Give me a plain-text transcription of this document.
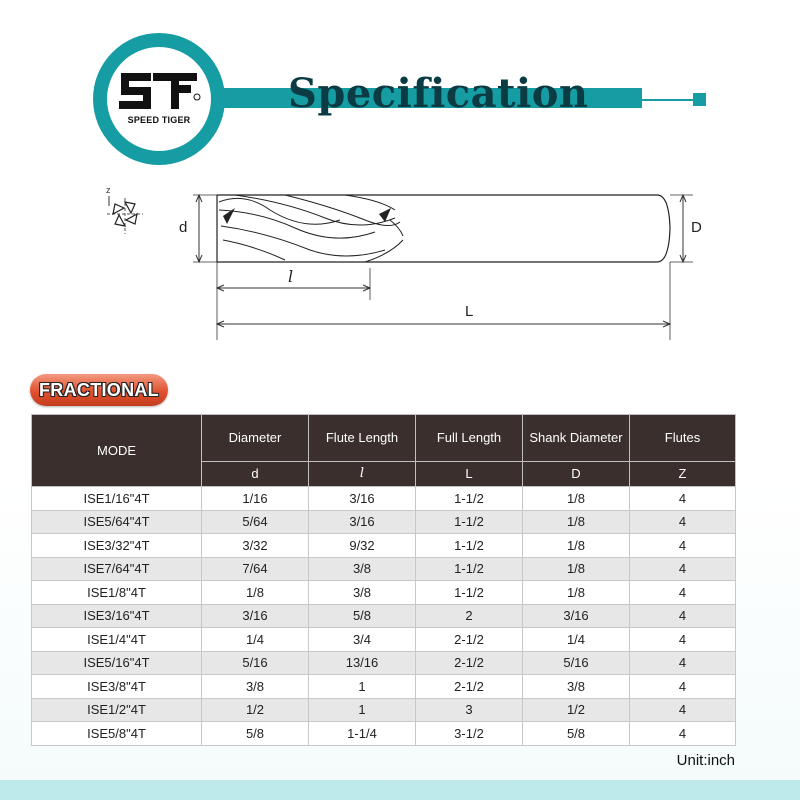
SPEED TIGER
Specification
z
d	D
l
L
FRACTIONAL
MODE	Diameter	Flute Length	Full Length	Shank Diameter	Flutes
	d	l	L	D	Z
ISE1/16"4T	1/16	3/16	1-1/2	1/8	4
ISE5/64"4T	5/64	3/16	1-1/2	1/8	4
ISE3/32"4T	3/32	9/32	1-1/2	1/8	4
ISE7/64"4T	7/64	3/8	1-1/2	1/8	4
ISE1/8"4T	1/8	3/8	1-1/2	1/8	4
ISE3/16"4T	3/16	5/8	2	3/16	4
ISE1/4"4T	1/4	3/4	2-1/2	1/4	4
ISE5/16"4T	5/16	13/16	2-1/2	5/16	4
ISE3/8"4T	3/8	1	2-1/2	3/8	4
ISE1/2"4T	1/2	1	3	1/2	4
ISE5/8"4T	5/8	1-1/4	3-1/2	5/8	4
Unit:inch
